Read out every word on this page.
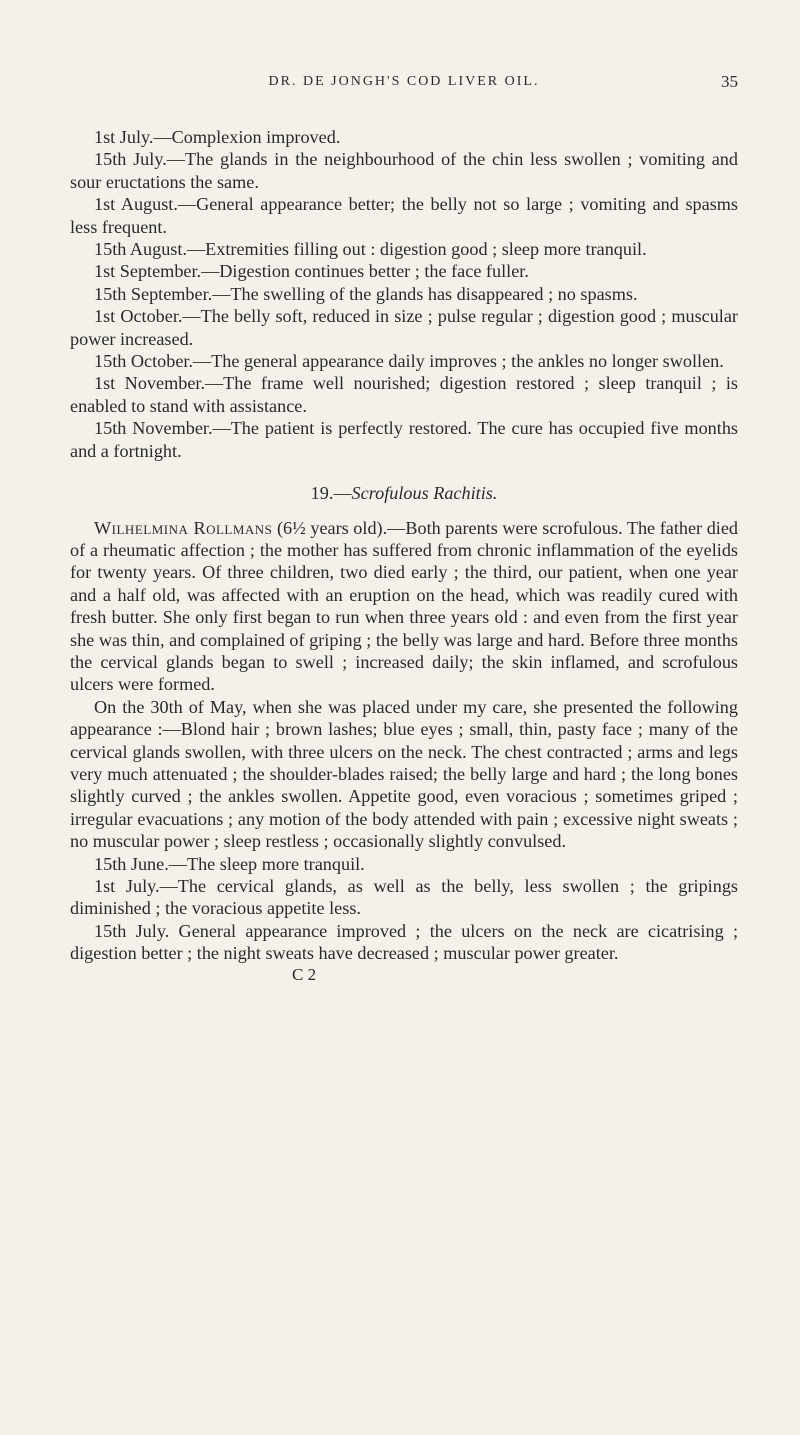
DR. DE JONGH'S COD LIVER OIL.	35

1st July.—Complexion improved.

15th July.—The glands in the neighbourhood of the chin less swollen ; vomiting and sour eructations the same.

1st August.—General appearance better; the belly not so large ; vomiting and spasms less frequent.

15th August.—Extremities filling out : digestion good ; sleep more tranquil.

1st September.—Digestion continues better ; the face fuller.

15th September.—The swelling of the glands has disappeared ; no spasms.

1st October.—The belly soft, reduced in size ; pulse regular ; digestion good ; muscular power increased.

15th October.—The general appearance daily improves ; the ankles no longer swollen.

1st November.—The frame well nourished; digestion restored ; sleep tranquil ; is enabled to stand with assistance.

15th November.—The patient is perfectly restored. The cure has occupied five months and a fortnight.

19.—Scrofulous Rachitis.

Wilhelmina Rollmans (6½ years old).—Both parents were scrofulous. The father died of a rheumatic affection ; the mother has suffered from chronic inflammation of the eyelids for twenty years. Of three children, two died early ; the third, our patient, when one year and a half old, was affected with an eruption on the head, which was readily cured with fresh butter. She only first began to run when three years old : and even from the first year she was thin, and complained of griping ; the belly was large and hard. Before three months the cervical glands began to swell ; increased daily; the skin inflamed, and scrofulous ulcers were formed.

On the 30th of May, when she was placed under my care, she presented the following appearance :—Blond hair ; brown lashes; blue eyes ; small, thin, pasty face ; many of the cervical glands swollen, with three ulcers on the neck. The chest contracted ; arms and legs very much attenuated ; the shoulder-blades raised; the belly large and hard ; the long bones slightly curved ; the ankles swollen. Appetite good, even voracious ; sometimes griped ; irregular evacuations ; any motion of the body attended with pain ; excessive night sweats ; no muscular power ; sleep restless ; occasionally slightly convulsed.

15th June.—The sleep more tranquil.

1st July.—The cervical glands, as well as the belly, less swollen ; the gripings diminished ; the voracious appetite less.

15th July. General appearance improved ; the ulcers on the neck are cicatrising ; digestion better ; the night sweats have decreased ; muscular power greater.

C 2
